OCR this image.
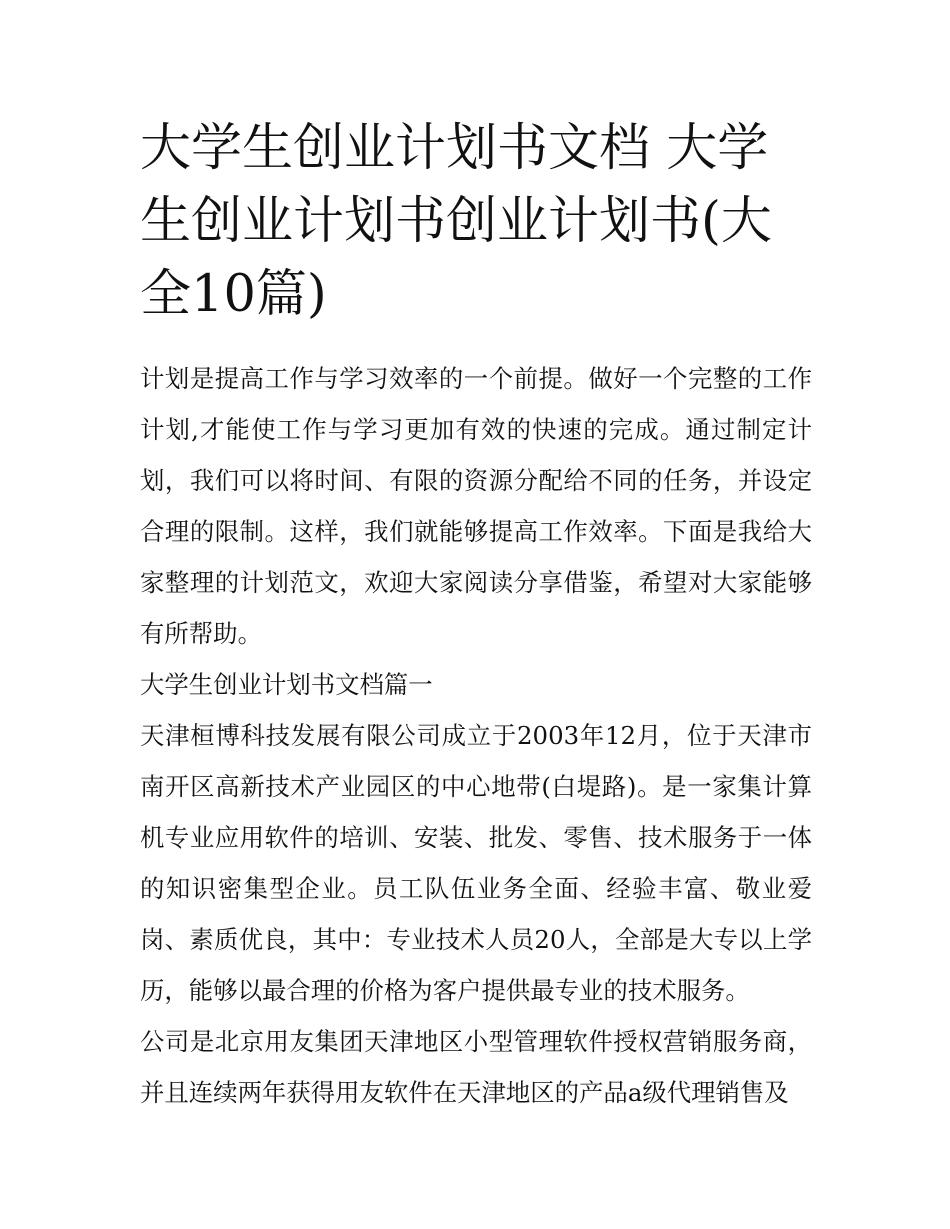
大学生创业计划书文档 大学生创业计划书创业计划书(大全10篇)

计划是提高工作与学习效率的一个前提。做好一个完整的工作计划,才能使工作与学习更加有效的快速的完成。通过制定计划，我们可以将时间、有限的资源分配给不同的任务，并设定合理的限制。这样，我们就能够提高工作效率。下面是我给大家整理的计划范文，欢迎大家阅读分享借鉴，希望对大家能够有所帮助。

大学生创业计划书文档篇一

天津桓博科技发展有限公司成立于2003年12月，位于天津市南开区高新技术产业园区的中心地带(白堤路)。是一家集计算机专业应用软件的培训、安装、批发、零售、技术服务于一体的知识密集型企业。员工队伍业务全面、经验丰富、敬业爱岗、素质优良，其中：专业技术人员20人，全部是大专以上学历，能够以最合理的价格为客户提供最专业的技术服务。

公司是北京用友集团天津地区小型管理软件授权营销服务商，并且连续两年获得用友软件在天津地区的产品a级代理销售及
